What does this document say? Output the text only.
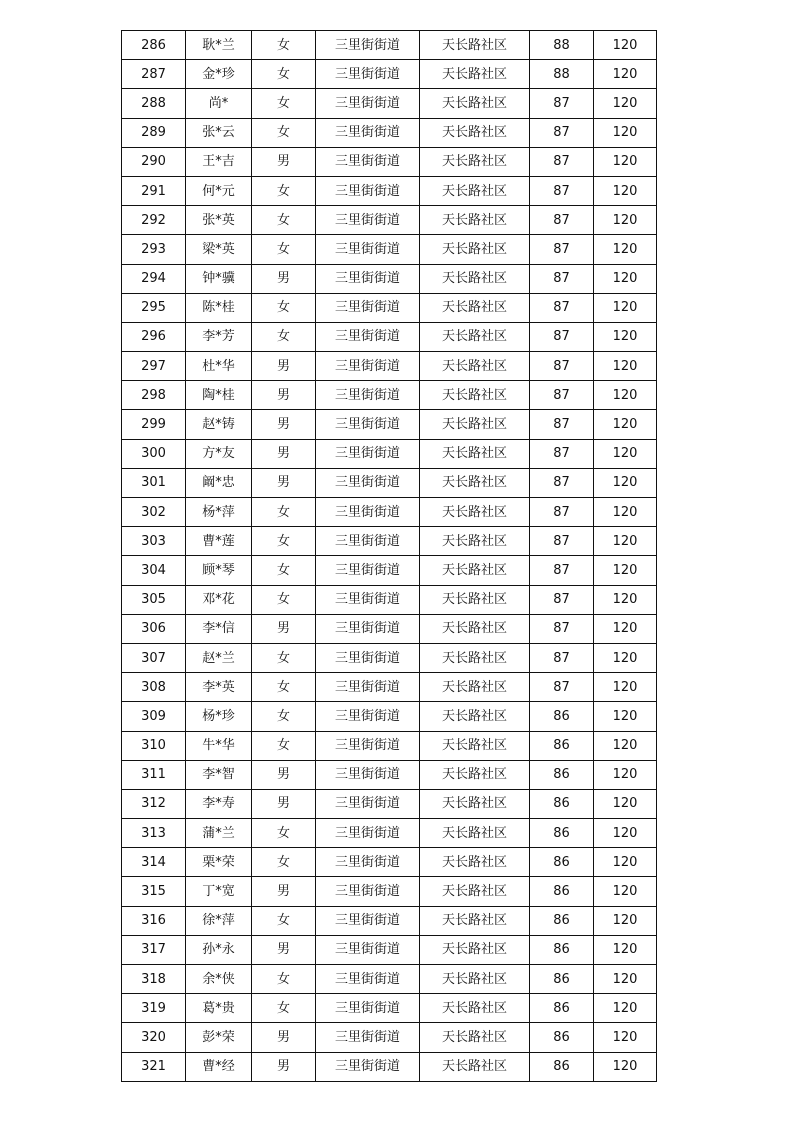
286	耿*兰	女	三里街街道	天长路社区	88	120
287	金*珍	女	三里街街道	天长路社区	88	120
288	尚*	女	三里街街道	天长路社区	87	120
289	张*云	女	三里街街道	天长路社区	87	120
290	王*吉	男	三里街街道	天长路社区	87	120
291	何*元	女	三里街街道	天长路社区	87	120
292	张*英	女	三里街街道	天长路社区	87	120
293	梁*英	女	三里街街道	天长路社区	87	120
294	钟*骥	男	三里街街道	天长路社区	87	120
295	陈*桂	女	三里街街道	天长路社区	87	120
296	李*芳	女	三里街街道	天长路社区	87	120
297	杜*华	男	三里街街道	天长路社区	87	120
298	陶*桂	男	三里街街道	天长路社区	87	120
299	赵*铸	男	三里街街道	天长路社区	87	120
300	方*友	男	三里街街道	天长路社区	87	120
301	阚*忠	男	三里街街道	天长路社区	87	120
302	杨*萍	女	三里街街道	天长路社区	87	120
303	曹*莲	女	三里街街道	天长路社区	87	120
304	顾*琴	女	三里街街道	天长路社区	87	120
305	邓*花	女	三里街街道	天长路社区	87	120
306	李*信	男	三里街街道	天长路社区	87	120
307	赵*兰	女	三里街街道	天长路社区	87	120
308	李*英	女	三里街街道	天长路社区	87	120
309	杨*珍	女	三里街街道	天长路社区	86	120
310	牛*华	女	三里街街道	天长路社区	86	120
311	李*智	男	三里街街道	天长路社区	86	120
312	李*寿	男	三里街街道	天长路社区	86	120
313	蒲*兰	女	三里街街道	天长路社区	86	120
314	栗*荣	女	三里街街道	天长路社区	86	120
315	丁*宽	男	三里街街道	天长路社区	86	120
316	徐*萍	女	三里街街道	天长路社区	86	120
317	孙*永	男	三里街街道	天长路社区	86	120
318	余*侠	女	三里街街道	天长路社区	86	120
319	葛*贵	女	三里街街道	天长路社区	86	120
320	彭*荣	男	三里街街道	天长路社区	86	120
321	曹*经	男	三里街街道	天长路社区	86	120
